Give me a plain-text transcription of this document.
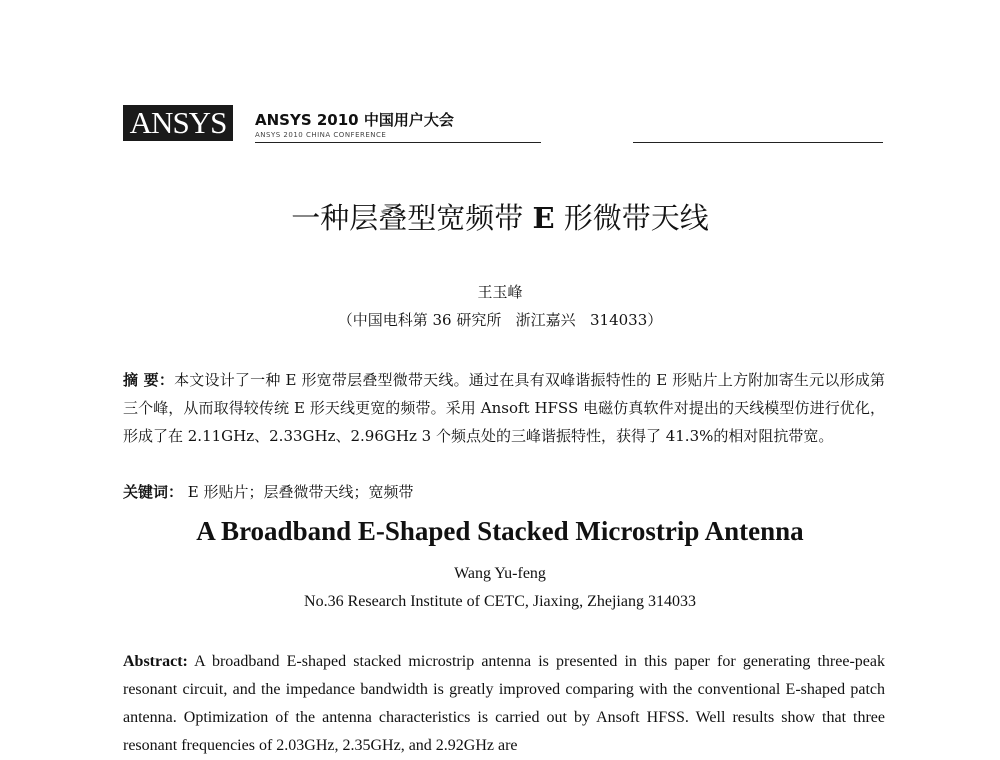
ANSYS	ANSYS 2010 中国用户大会
ANSYS 2010 CHINA CONFERENCE
一种层叠型宽频带 E 形微带天线
王玉峰
（中国电科第 36 研究所   浙江嘉兴   314033）
摘 要：本文设计了一种 E 形宽带层叠型微带天线。通过在具有双峰谐振特性的 E 形贴片上方附加寄生元以形成第三个峰，从而取得较传统 E 形天线更宽的频带。采用 Ansoft HFSS 电磁仿真软件对提出的天线模型仿进行优化，形成了在 2.11GHz、2.33GHz、2.96GHz 3 个频点处的三峰谐振特性，获得了 41.3%的相对阻抗带宽。
关键词： E 形贴片；层叠微带天线；宽频带
A Broadband E-Shaped Stacked Microstrip Antenna
Wang Yu-feng
No.36 Research Institute of CETC, Jiaxing, Zhejiang 314033
Abstract: A broadband E-shaped stacked microstrip antenna is presented in this paper for generating three-peak resonant circuit, and the impedance bandwidth is greatly improved comparing with the conventional E-shaped patch antenna. Optimization of the antenna characteristics is carried out by Ansoft HFSS. Well results show that three resonant frequencies of 2.03GHz, 2.35GHz, and 2.92GHz are
